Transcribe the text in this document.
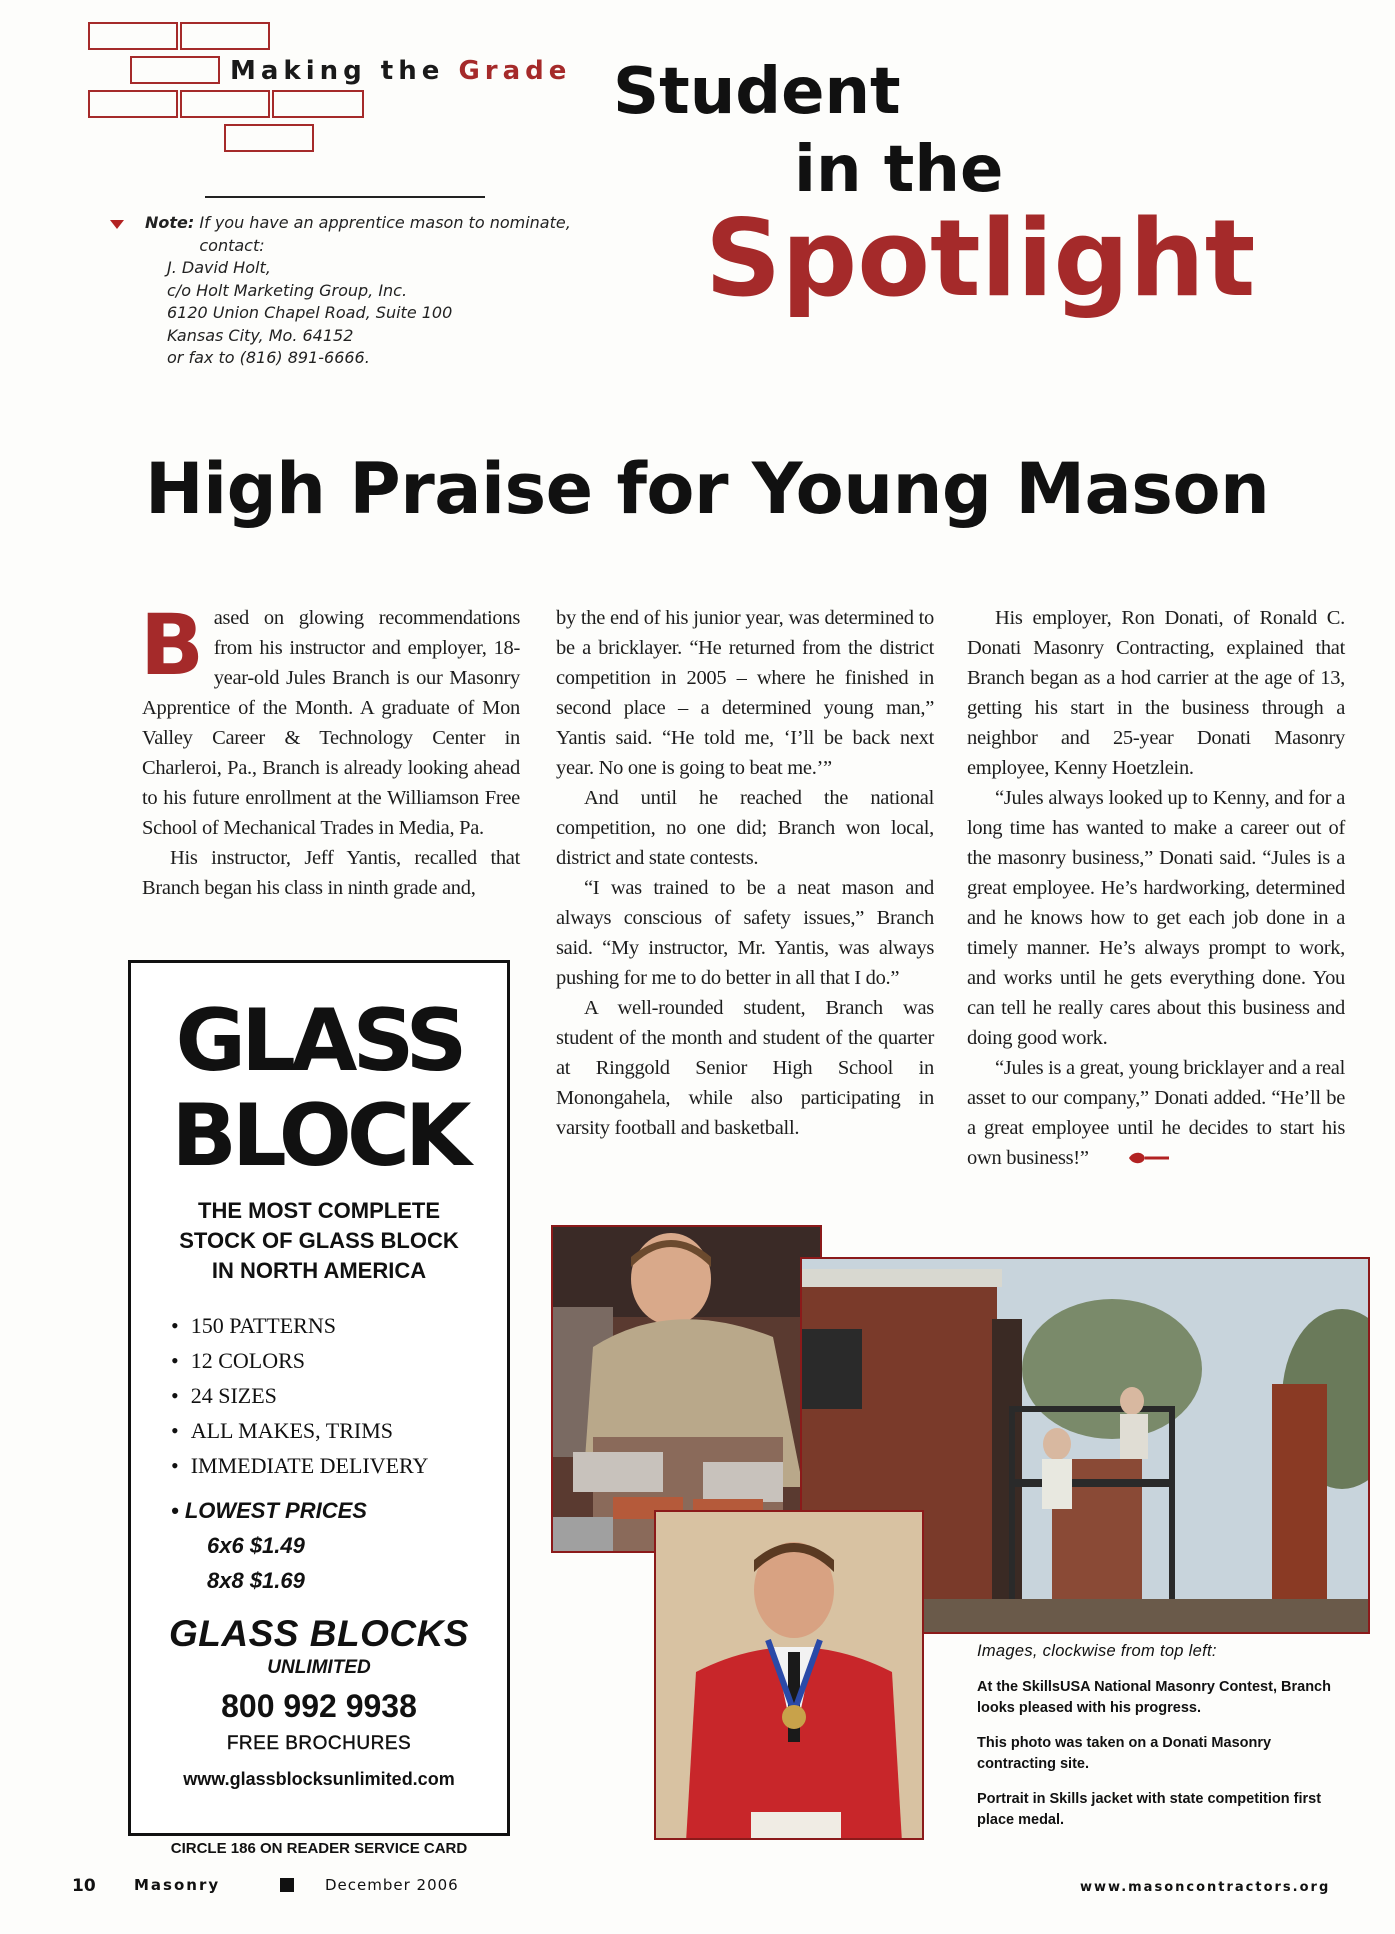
Making the Grade Student
in the
Spotlight
Note: If you have an apprentice mason to nominate, contact:
J. David Holt,
c/o Holt Marketing Group, Inc.
6120 Union Chapel Road, Suite 100
Kansas City, Mo. 64152
or fax to (816) 891-6666.
High Praise for Young Mason

Based on glowing recommendations from his instructor and employer, 18-year-old Jules Branch is our Masonry Apprentice of the Month. A graduate of Mon Valley Career & Technology Center in Charleroi, Pa., Branch is already looking ahead to his future enrollment at the Williamson Free School of Mechanical Trades in Media, Pa.

His instructor, Jeff Yantis, recalled that Branch began his class in ninth grade and,

by the end of his junior year, was determined to be a bricklayer. “He returned from the district competition in 2005 – where he finished in second place – a determined young man,” Yantis said. “He told me, ‘I’ll be back next year. No one is going to beat me.’”

And until he reached the national competition, no one did; Branch won local, district and state contests.

“I was trained to be a neat mason and always conscious of safety issues,” Branch said. “My instructor, Mr. Yantis, was always pushing for me to do better in all that I do.”

A well-rounded student, Branch was student of the month and student of the quarter at Ringgold Senior High School in Monongahela, while also participating in varsity football and basketball.

His employer, Ron Donati, of Ronald C. Donati Masonry Contracting, explained that Branch began as a hod carrier at the age of 13, getting his start in the business through a neighbor and 25-year Donati Masonry employee, Kenny Hoetzlein.

“Jules always looked up to Kenny, and for a long time has wanted to make a career out of the masonry business,” Donati said. “Jules is a great employee. He’s hardworking, determined and he knows how to get each job done in a timely manner. He’s always prompt to work, and works until he gets everything done. You can tell he really cares about this business and doing good work.

“Jules is a great, young bricklayer and a real asset to our company,” Donati added. “He’ll be a great employee until he decides to start his own business!”

GLASS
BLOCK
THE MOST COMPLETE
STOCK OF GLASS BLOCK
IN NORTH AMERICA
• 150 PATTERNS
• 12 COLORS
• 24 SIZES
• ALL MAKES, TRIMS
• IMMEDIATE DELIVERY
• LOWEST PRICES
6x6 $1.49
8x8 $1.69
GLASS BLOCKS
UNLIMITED
800 992 9938
FREE BROCHURES
www.glassblocksunlimited.com
CIRCLE 186 ON READER SERVICE CARD
Images, clockwise from top left:
At the SkillsUSA National Masonry Contest, Branch looks pleased with his progress.
This photo was taken on a Donati Masonry contracting site.
Portrait in Skills jacket with state competition first place medal.
10	Masonry	December 2006	www.masoncontractors.org
